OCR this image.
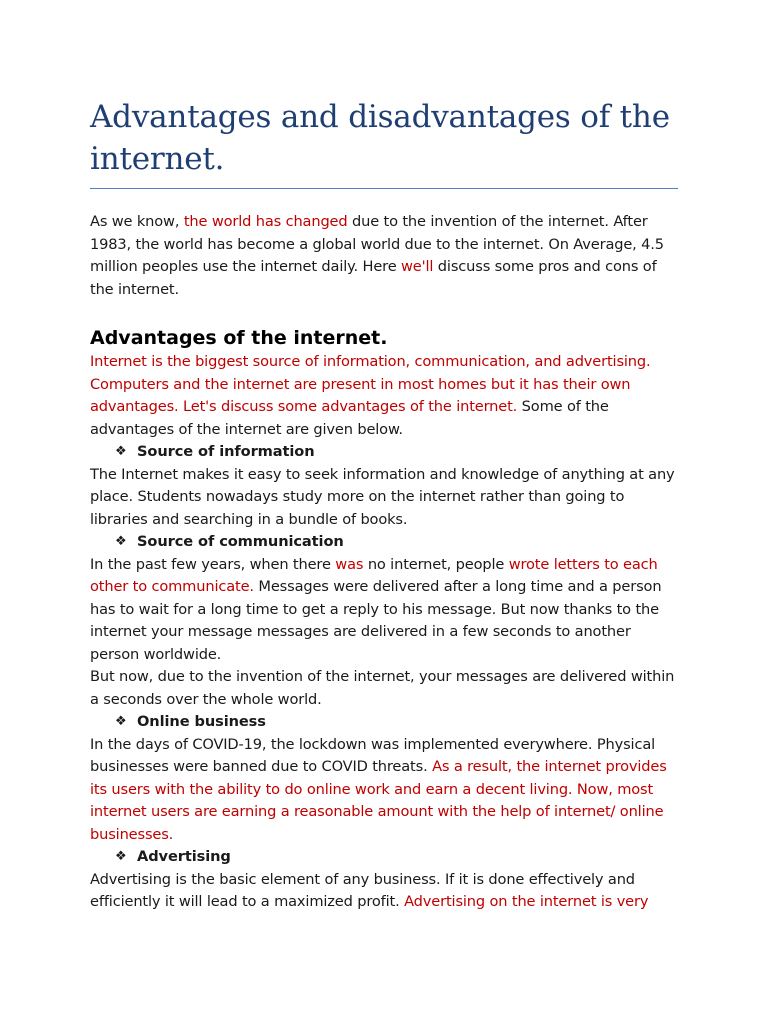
Advantages and disadvantages of the internet.

As we know, the world has changed due to the invention of the internet. After 1983, the world has become a global world due to the internet. On Average, 4.5 million peoples use the internet daily. Here we'll discuss some pros and cons of the internet.

Advantages of the internet.

Internet is the biggest source of information, communication, and advertising. Computers and the internet are present in most homes but it has their own advantages. Let's discuss some advantages of the internet. Some of the advantages of the internet are given below.

❖ Source of information

The Internet makes it easy to seek information and knowledge of anything at any place. Students nowadays study more on the internet rather than going to libraries and searching in a bundle of books.

❖ Source of communication

In the past few years, when there was no internet, people wrote letters to each other to communicate. Messages were delivered after a long time and a person has to wait for a long time to get a reply to his message. But now thanks to the internet your message messages are delivered in a few seconds to another person worldwide.

But now, due to the invention of the internet, your messages are delivered within a seconds over the whole world.

❖ Online business

In the days of COVID-19, the lockdown was implemented everywhere. Physical businesses were banned due to COVID threats. As a result, the internet provides its users with the ability to do online work and earn a decent living. Now, most internet users are earning a reasonable amount with the help of internet/ online businesses.

❖ Advertising

Advertising is the basic element of any business. If it is done effectively and efficiently it will lead to a maximized profit. Advertising on the internet is very
